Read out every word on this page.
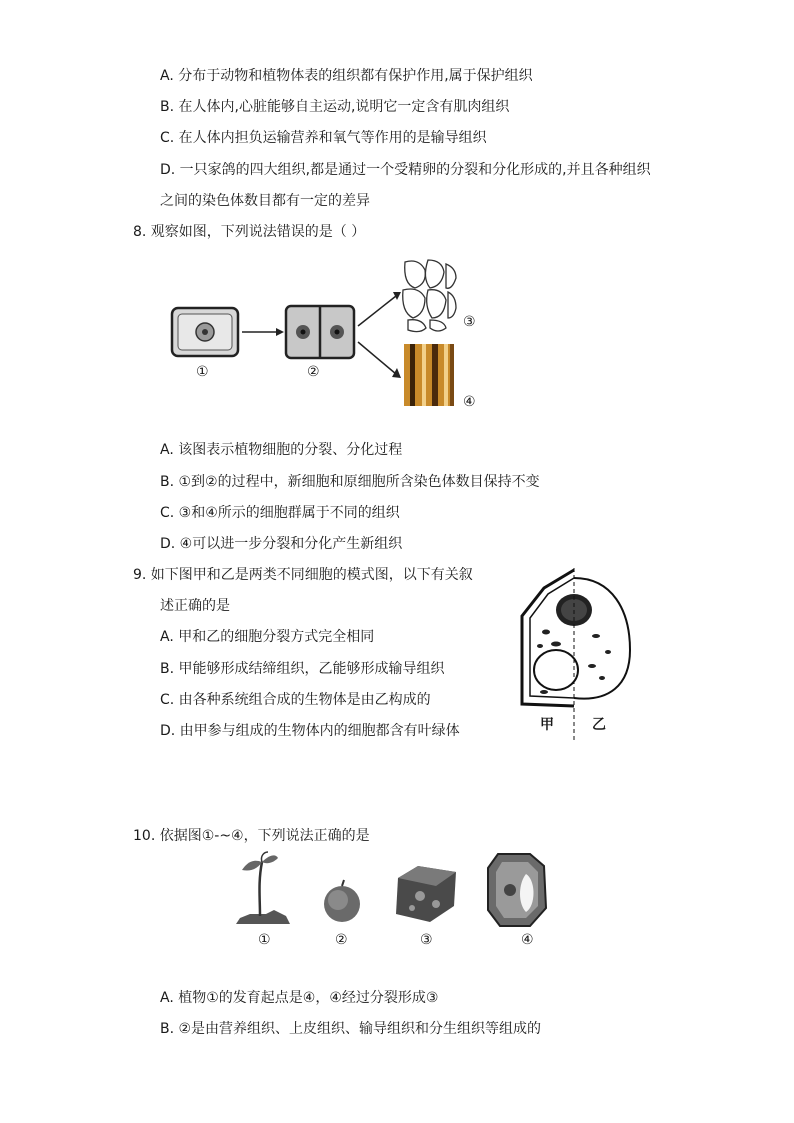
A. 分布于动物和植物体表的组织都有保护作用,属于保护组织
B. 在人体内,心脏能够自主运动,说明它一定含有肌肉组织
C. 在人体内担负运输营养和氧气等作用的是输导组织
D. 一只家鸽的四大组织,都是通过一个受精卵的分裂和分化形成的,并且各种组织
之间的染色体数目都有一定的差异
8. 观察如图，下列说法错误的是（ ）
①	②
③
④
A. 该图表示植物细胞的分裂、分化过程
B. ①到②的过程中，新细胞和原细胞所含染色体数目保持不变
C. ③和④所示的细胞群属于不同的组织
D. ④可以进一步分裂和分化产生新组织
9. 如下图甲和乙是两类不同细胞的模式图，以下有关叙
述正确的是
A. 甲和乙的细胞分裂方式完全相同
B. 甲能够形成结缔组织，乙能够形成输导组织
C. 由各种系统组合成的生物体是由乙构成的
D. 由甲参与组成的生物体内的细胞都含有叶绿体	甲	乙
10. 依据图①-~④，下列说法正确的是
①	②	③	④
A. 植物①的发育起点是④，④经过分裂形成③
B. ②是由营养组织、上皮组织、输导组织和分生组织等组成的
